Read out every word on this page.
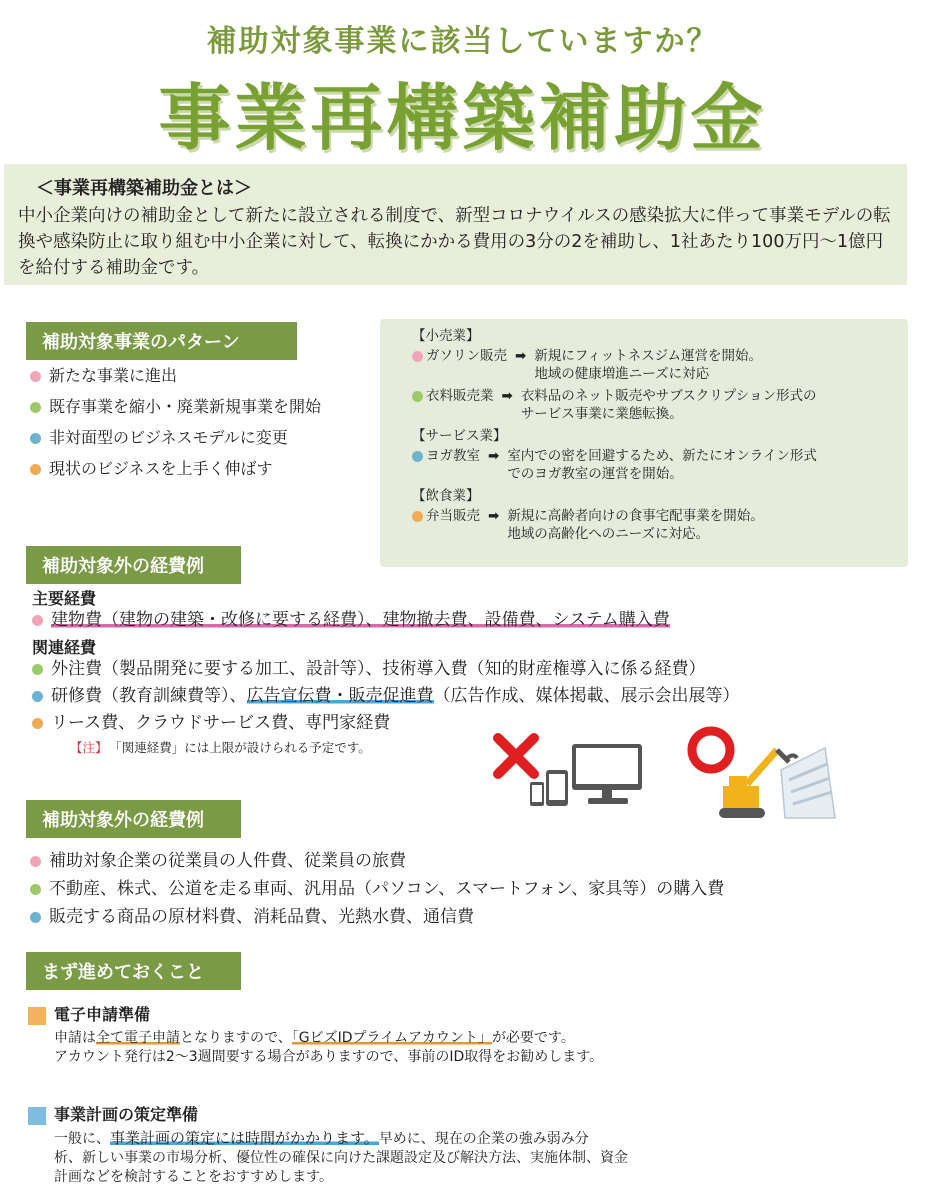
補助対象事業に該当していますか？
事業再構築補助金
＜事業再構築補助金とは＞
中小企業向けの補助金として新たに設立される制度で、新型コロナウイルスの感染拡大に伴って事業モデルの転換や感染防止に取り組む中小企業に対して、転換にかかる費用の3分の2を補助し、1社あたり100万円～1億円を給付する補助金です。
補助対象事業のパターン
新たな事業に進出
既存事業を縮小・廃業新規事業を開始
非対面型のビジネスモデルに変更
現状のビジネスを上手く伸ばす
【小売業】
ガソリン販売 ➡ 新規にフィットネスジム運営を開始。
地域の健康増進ニーズに対応
衣料販売業 ➡ 衣料品のネット販売やサブスクリプション形式の
サービス事業に業態転換。
【サービス業】
ヨガ教室 ➡ 室内での密を回避するため、新たにオンライン形式
でのヨガ教室の運営を開始。
【飲食業】
弁当販売 ➡ 新規に高齢者向けの食事宅配事業を開始。
地域の高齢化へのニーズに対応。
補助対象外の経費例
主要経費
建物費（建物の建築・改修に要する経費）、建物撤去費、設備費、システム購入費
関連経費
外注費（製品開発に要する加工、設計等）、技術導入費（知的財産権導入に係る経費）
研修費（教育訓練費等）、広告宣伝費・販売促進費（広告作成、媒体掲載、展示会出展等）
リース費、クラウドサービス費、専門家経費
【注】 「関連経費」には上限が設けられる予定です。
補助対象外の経費例
補助対象企業の従業員の人件費、従業員の旅費
不動産、株式、公道を走る車両、汎用品（パソコン、スマートフォン、家具等）の購入費
販売する商品の原材料費、消耗品費、光熱水費、通信費
まず進めておくこと
電子申請準備
申請は全て電子申請となりますので、「GビズIDプライムアカウント」が必要です。
アカウント発行は2～3週間要する場合がありますので、事前のID取得をお勧めします。
事業計画の策定準備
一般に、事業計画の策定には時間がかかります。早めに、現在の企業の強み弱み分
析、新しい事業の市場分析、優位性の確保に向けた課題設定及び解決方法、実施体制、資金
計画などを検討することをおすすめします。
